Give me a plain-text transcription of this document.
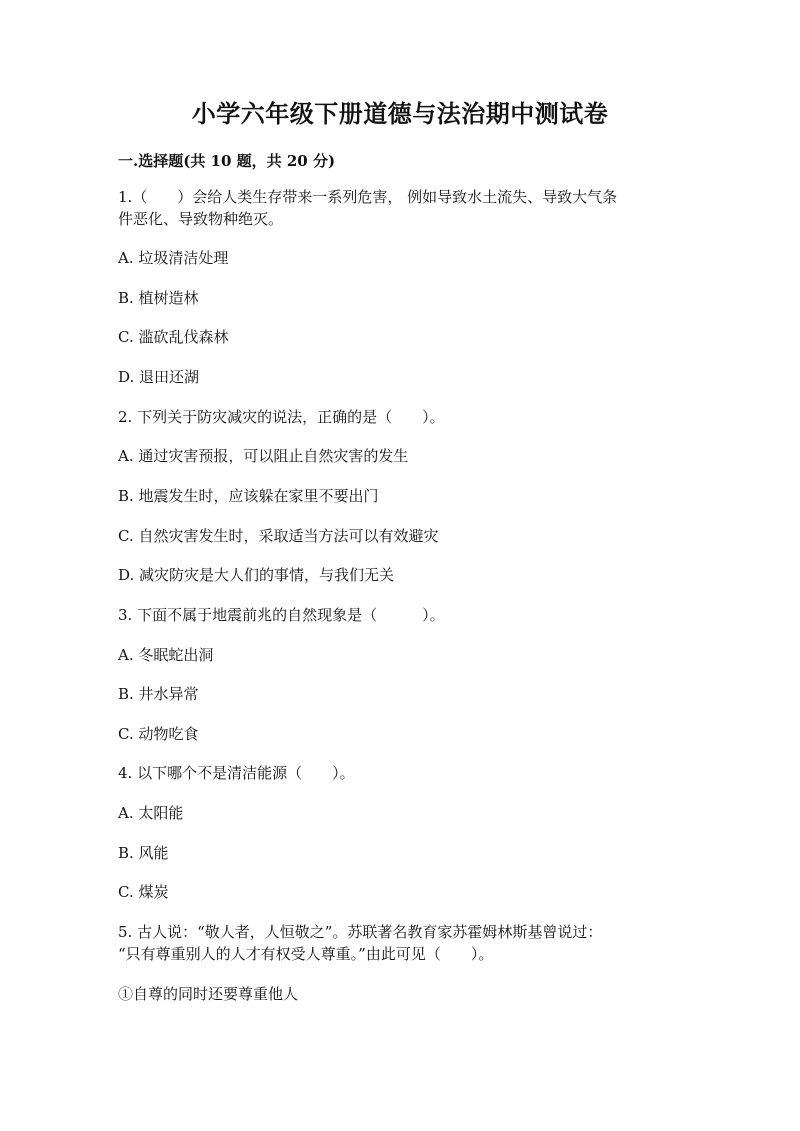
小学六年级下册道德与法治期中测试卷
一.选择题(共 10 题，共 20 分)
1.（　　）会给人类生存带来一系列危害， 例如导致水土流失、导致大气条
件恶化、导致物种绝灭。
A. 垃圾清洁处理
B. 植树造林
C. 滥砍乱伐森林
D. 退田还湖
2. 下列关于防灾减灾的说法，正确的是（　　）。
A. 通过灾害预报，可以阻止自然灾害的发生
B. 地震发生时，应该躲在家里不要出门
C. 自然灾害发生时，采取适当方法可以有效避灾
D. 减灾防灾是大人们的事情，与我们无关
3. 下面不属于地震前兆的自然现象是（　　　）。
A. 冬眠蛇出洞
B. 井水异常
C. 动物吃食
4. 以下哪个不是清洁能源（　　）。
A. 太阳能
B. 风能
C. 煤炭
5. 古人说：“敬人者，人恒敬之”。苏联著名教育家苏霍姆林斯基曾说过：
“只有尊重别人的人才有权受人尊重。”由此可见（　　）。
①自尊的同时还要尊重他人
